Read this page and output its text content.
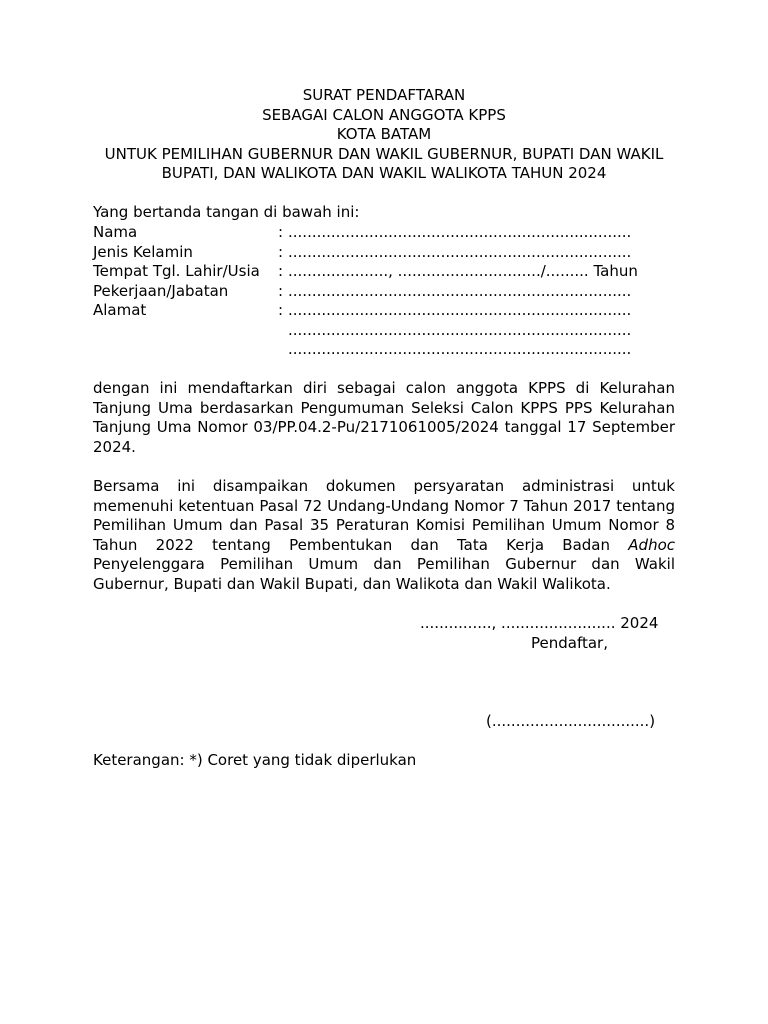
SURAT PENDAFTARAN
SEBAGAI CALON ANGGOTA KPPS
KOTA BATAM
UNTUK PEMILIHAN GUBERNUR DAN WAKIL GUBERNUR, BUPATI DAN WAKIL
BUPATI, DAN WALIKOTA DAN WAKIL WALIKOTA TAHUN 2024
Yang bertanda tangan di bawah ini:
Nama	: ........................................................................
Jenis Kelamin	: ........................................................................
Tempat Tgl. Lahir/Usia : ....................., ............................../......... Tahun
Pekerjaan/Jabatan	: ........................................................................
Alamat	: ........................................................................
........................................................................
........................................................................

dengan ini mendaftarkan diri sebagai calon anggota KPPS di Kelurahan Tanjung Uma berdasarkan Pengumuman Seleksi Calon KPPS PPS Kelurahan Tanjung Uma Nomor 03/PP.04.2-Pu/2171061005/2024 tanggal 17 September 2024.

Bersama ini disampaikan dokumen persyaratan administrasi untuk memenuhi ketentuan Pasal 72 Undang-Undang Nomor 7 Tahun 2017 tentang Pemilihan Umum dan Pasal 35 Peraturan Komisi Pemilihan Umum Nomor 8 Tahun 2022 tentang Pembentukan dan Tata Kerja Badan Adhoc Penyelenggara Pemilihan Umum dan Pemilihan Gubernur dan Wakil Gubernur, Bupati dan Wakil Bupati, dan Walikota dan Wakil Walikota.

..............., ........................ 2024
Pendaftar,
(.................................)
Keterangan: *) Coret yang tidak diperlukan
